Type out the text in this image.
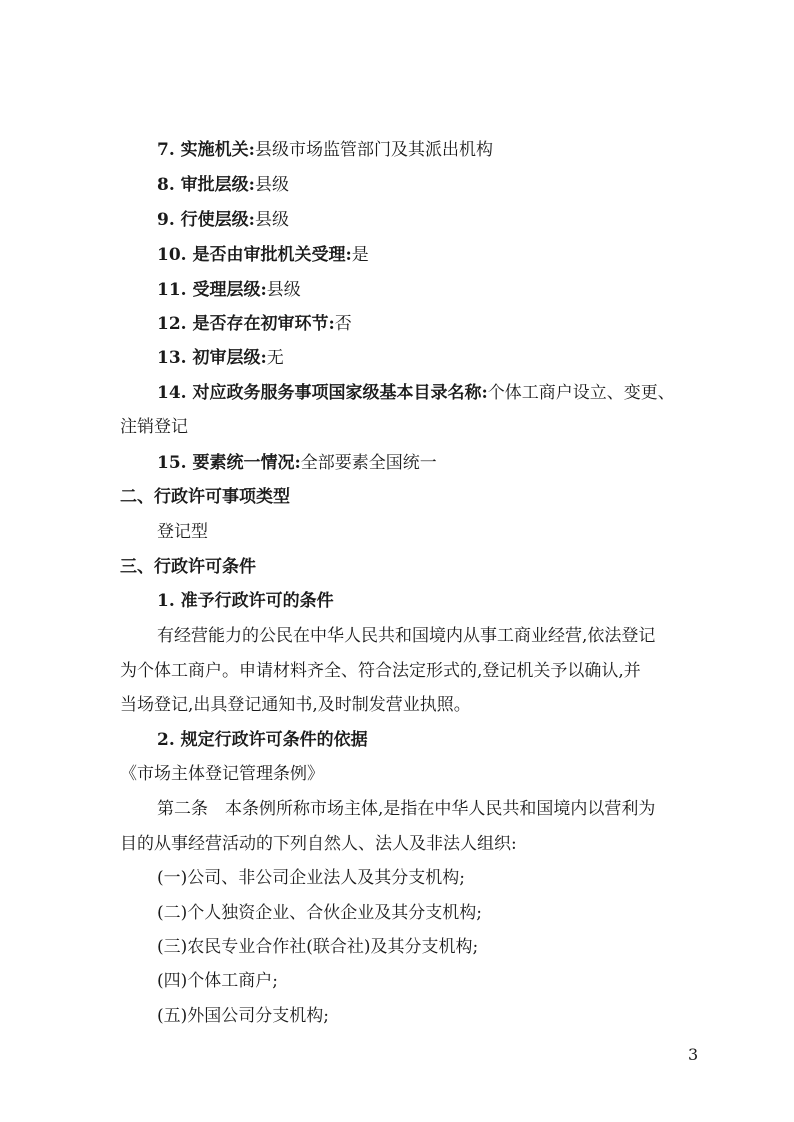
7. 实施机关:县级市场监管部门及其派出机构
8. 审批层级:县级
9. 行使层级:县级
10. 是否由审批机关受理:是
11. 受理层级:县级
12. 是否存在初审环节:否
13. 初审层级:无
14. 对应政务服务事项国家级基本目录名称:个体工商户设立、变更、
注销登记
15. 要素统一情况:全部要素全国统一
二、行政许可事项类型
登记型
三、行政许可条件
1. 准予行政许可的条件
有经营能力的公民在中华人民共和国境内从事工商业经营,依法登记
为个体工商户。申请材料齐全、符合法定形式的,登记机关予以确认,并
当场登记,出具登记通知书,及时制发营业执照。
2. 规定行政许可条件的依据
《市场主体登记管理条例》
第二条　本条例所称市场主体,是指在中华人民共和国境内以营利为
目的从事经营活动的下列自然人、法人及非法人组织:
(一)公司、非公司企业法人及其分支机构;
(二)个人独资企业、合伙企业及其分支机构;
(三)农民专业合作社(联合社)及其分支机构;
(四)个体工商户;
(五)外国公司分支机构;
3
